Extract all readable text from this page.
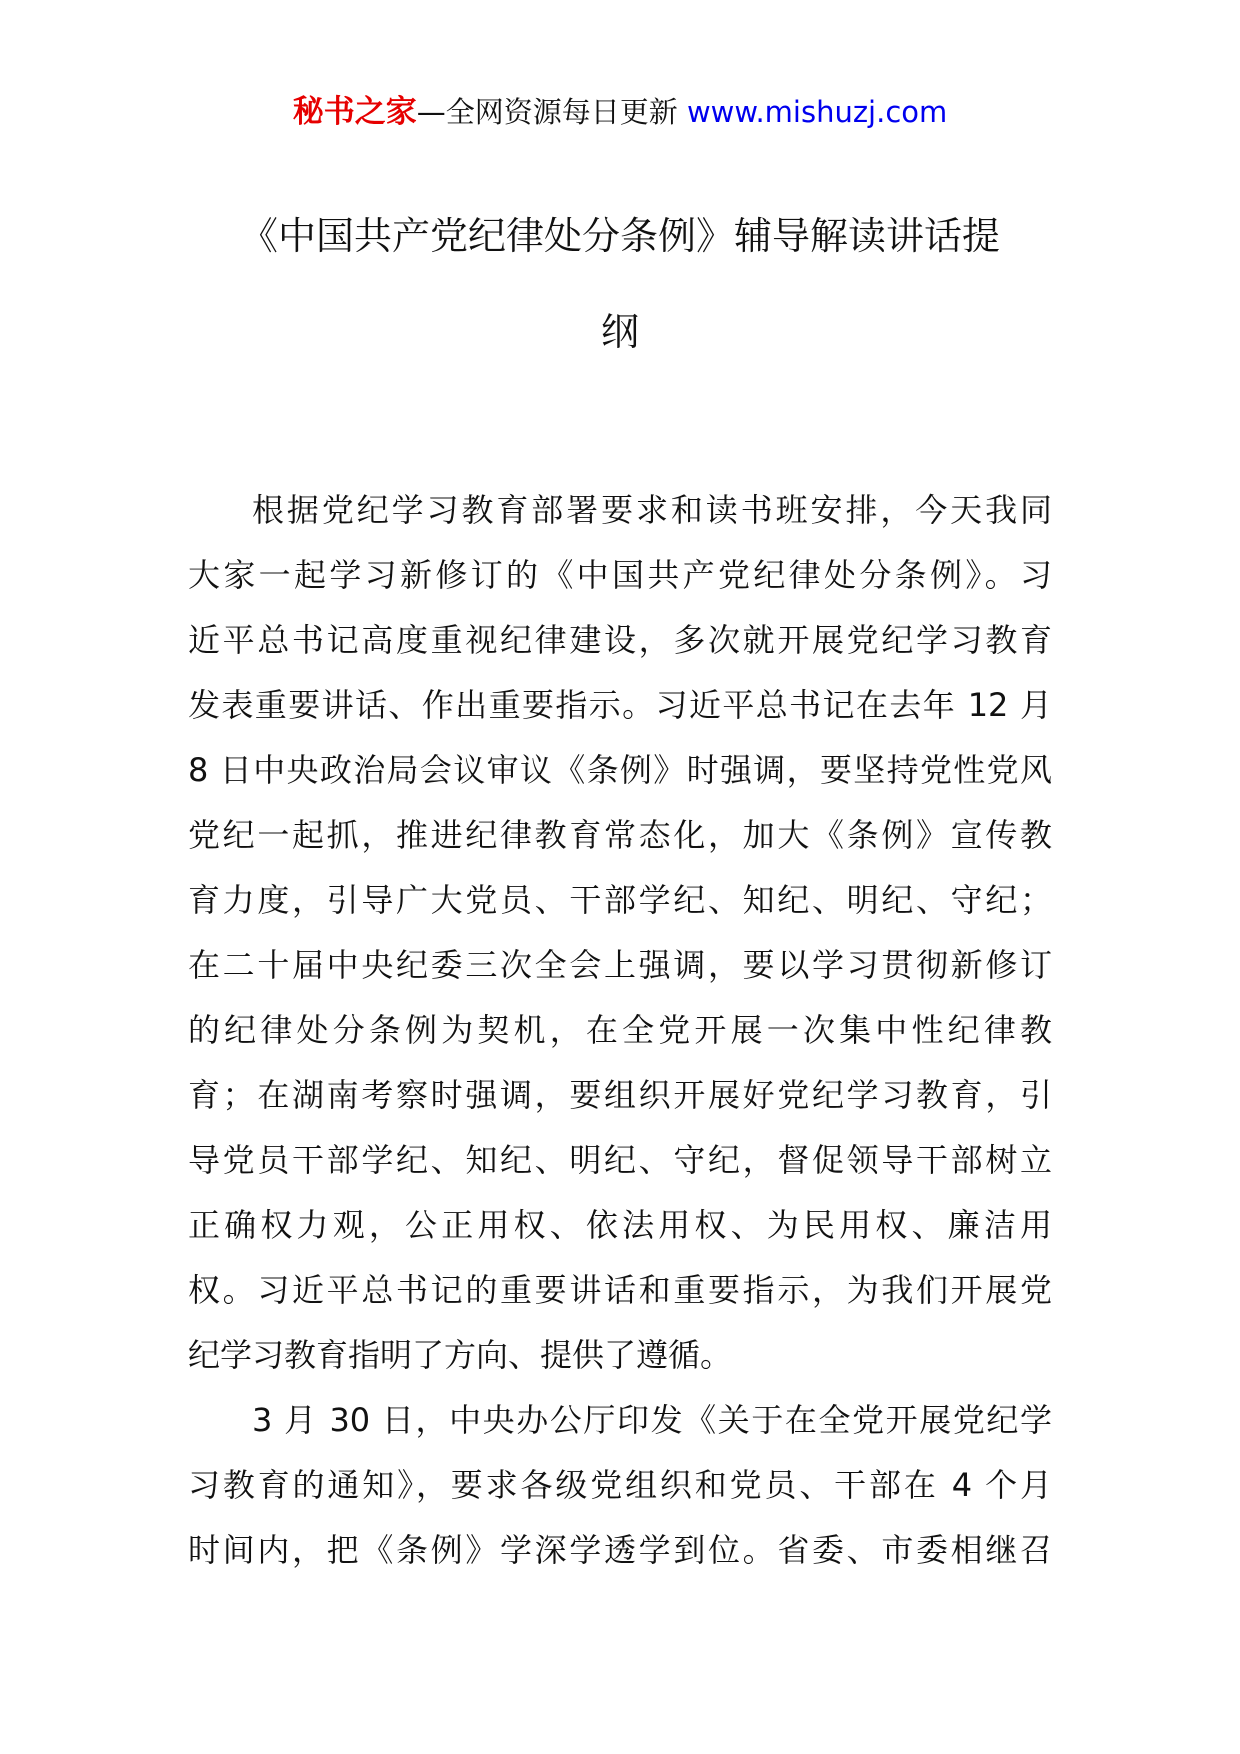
秘书之家—全网资源每日更新 www.mishuzj.com
《中国共产党纪律处分条例》辅导解读讲话提
纲

根据党纪学习教育部署要求和读书班安排，今天我同
大家一起学习新修订的《中国共产党纪律处分条例》。习
近平总书记高度重视纪律建设，多次就开展党纪学习教育
发表重要讲话、作出重要指示。习近平总书记在去年 12 月
8 日中央政治局会议审议《条例》时强调，要坚持党性党风
党纪一起抓，推进纪律教育常态化，加大《条例》宣传教
育力度，引导广大党员、干部学纪、知纪、明纪、守纪；
在二十届中央纪委三次全会上强调，要以学习贯彻新修订
的纪律处分条例为契机，在全党开展一次集中性纪律教
育；在湖南考察时强调，要组织开展好党纪学习教育，引
导党员干部学纪、知纪、明纪、守纪，督促领导干部树立
正确权力观，公正用权、依法用权、为民用权、廉洁用
权。习近平总书记的重要讲话和重要指示，为我们开展党
纪学习教育指明了方向、提供了遵循。

3 月 30 日，中央办公厅印发《关于在全党开展党纪学
习教育的通知》，要求各级党组织和党员、干部在 4 个月
时间内，把《条例》学深学透学到位。省委、市委相继召
